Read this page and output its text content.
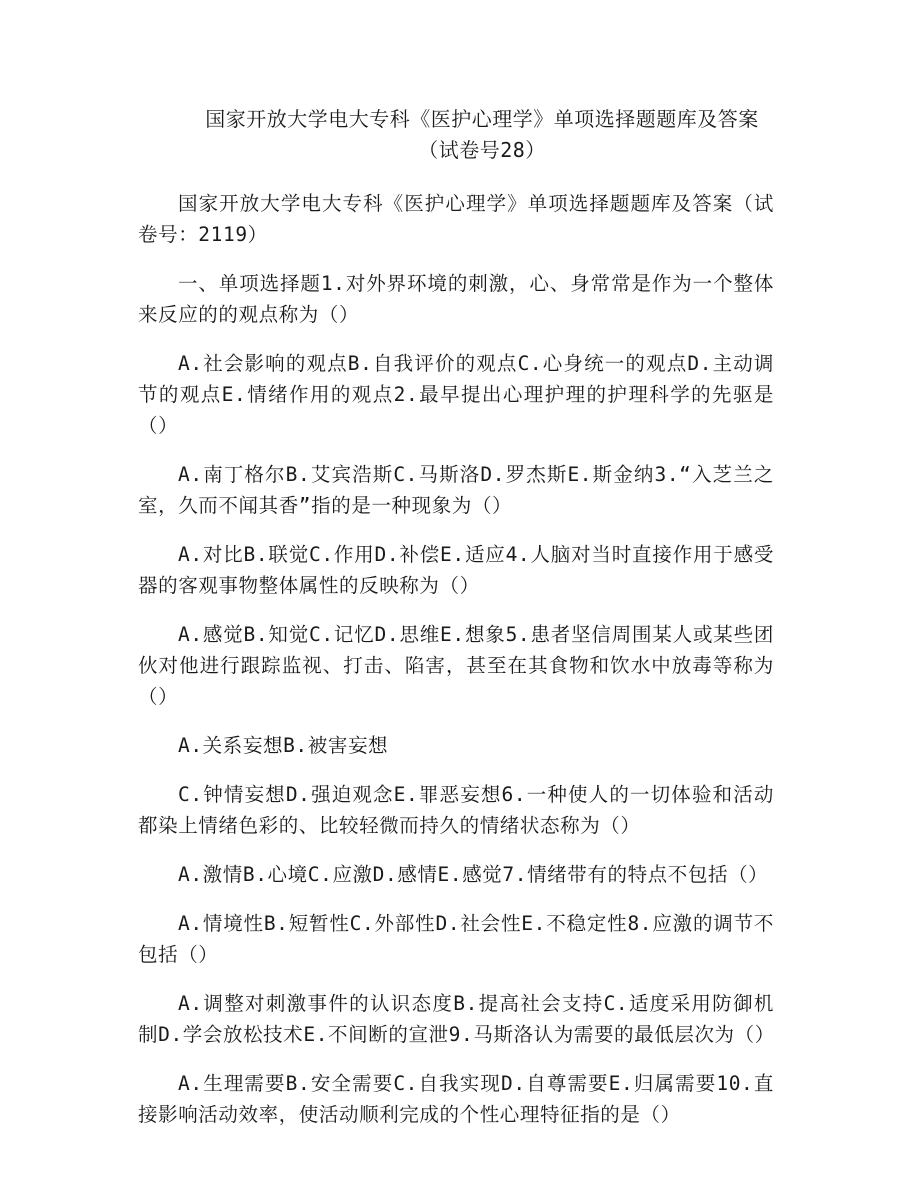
国家开放大学电大专科《医护心理学》单项选择题题库及答案（试卷号28）

国家开放大学电大专科《医护心理学》单项选择题题库及答案（试卷号：2119）

一、单项选择题1.对外界环境的刺激，心、身常常是作为一个整体来反应的的观点称为（）

A.社会影响的观点B.自我评价的观点C.心身统一的观点D.主动调节的观点E.情绪作用的观点2.最早提出心理护理的护理科学的先驱是（）

A.南丁格尔B.艾宾浩斯C.马斯洛D.罗杰斯E.斯金纳3.“入芝兰之室，久而不闻其香”指的是一种现象为（）

A.对比B.联觉C.作用D.补偿E.适应4.人脑对当时直接作用于感受器的客观事物整体属性的反映称为（）

A.感觉B.知觉C.记忆D.思维E.想象5.患者坚信周围某人或某些团伙对他进行跟踪监视、打击、陷害，甚至在其食物和饮水中放毒等称为（）

A.关系妄想B.被害妄想

C.钟情妄想D.强迫观念E.罪恶妄想6.一种使人的一切体验和活动都染上情绪色彩的、比较轻微而持久的情绪状态称为（）

A.激情B.心境C.应激D.感情E.感觉7.情绪带有的特点不包括（）

A.情境性B.短暂性C.外部性D.社会性E.不稳定性8.应激的调节不包括（）

A.调整对刺激事件的认识态度B.提高社会支持C.适度采用防御机制D.学会放松技术E.不间断的宣泄9.马斯洛认为需要的最低层次为（）

A.生理需要B.安全需要C.自我实现D.自尊需要E.归属需要10.直接影响活动效率，使活动顺利完成的个性心理特征指的是（）
